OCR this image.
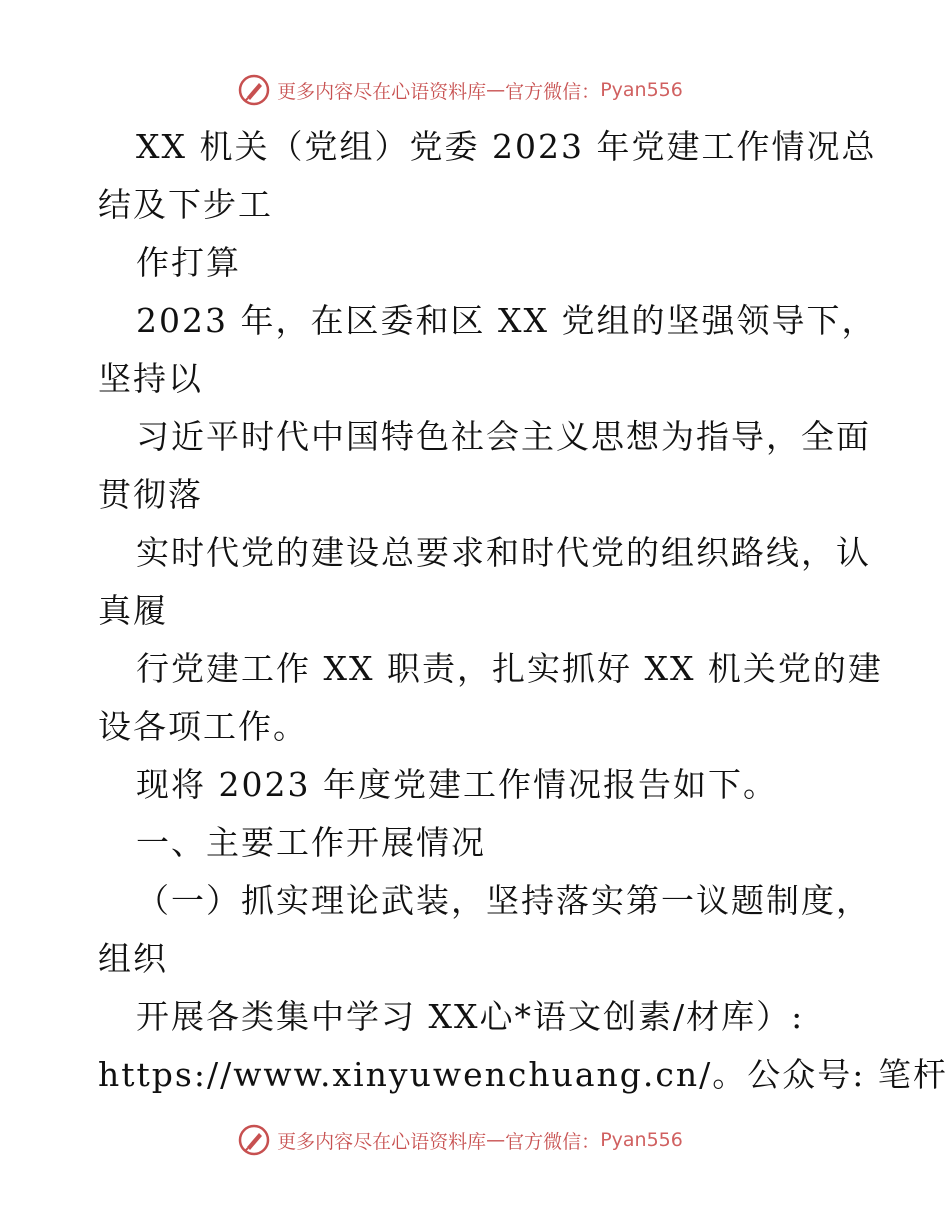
更多内容尽在心语资料库 — 官方微信： Pyan556
XX 机关（党组）党委 2023 年党建工作情况总
结及下步工
作打算
2023 年，在区委和区 XX 党组的坚强领导下，
坚持以
习近平时代中国特色社会主义思想为指导，全面
贯彻落
实时代党的建设总要求和时代党的组织路线，认
真履
行党建工作 XX 职责，扎实抓好 XX 机关党的建
设各项工作。
现将 2023 年度党建工作情况报告如下。
一、主要工作开展情况
（一）抓实理论武装，坚持落实第一议题制度，
组织
开展各类集中学习 XX心*语文创素/材库）:
https://www.xinyuwenchuang.cn/。公众号: 笔杆
更多内容尽在心语资料库 — 官方微信： Pyan556
